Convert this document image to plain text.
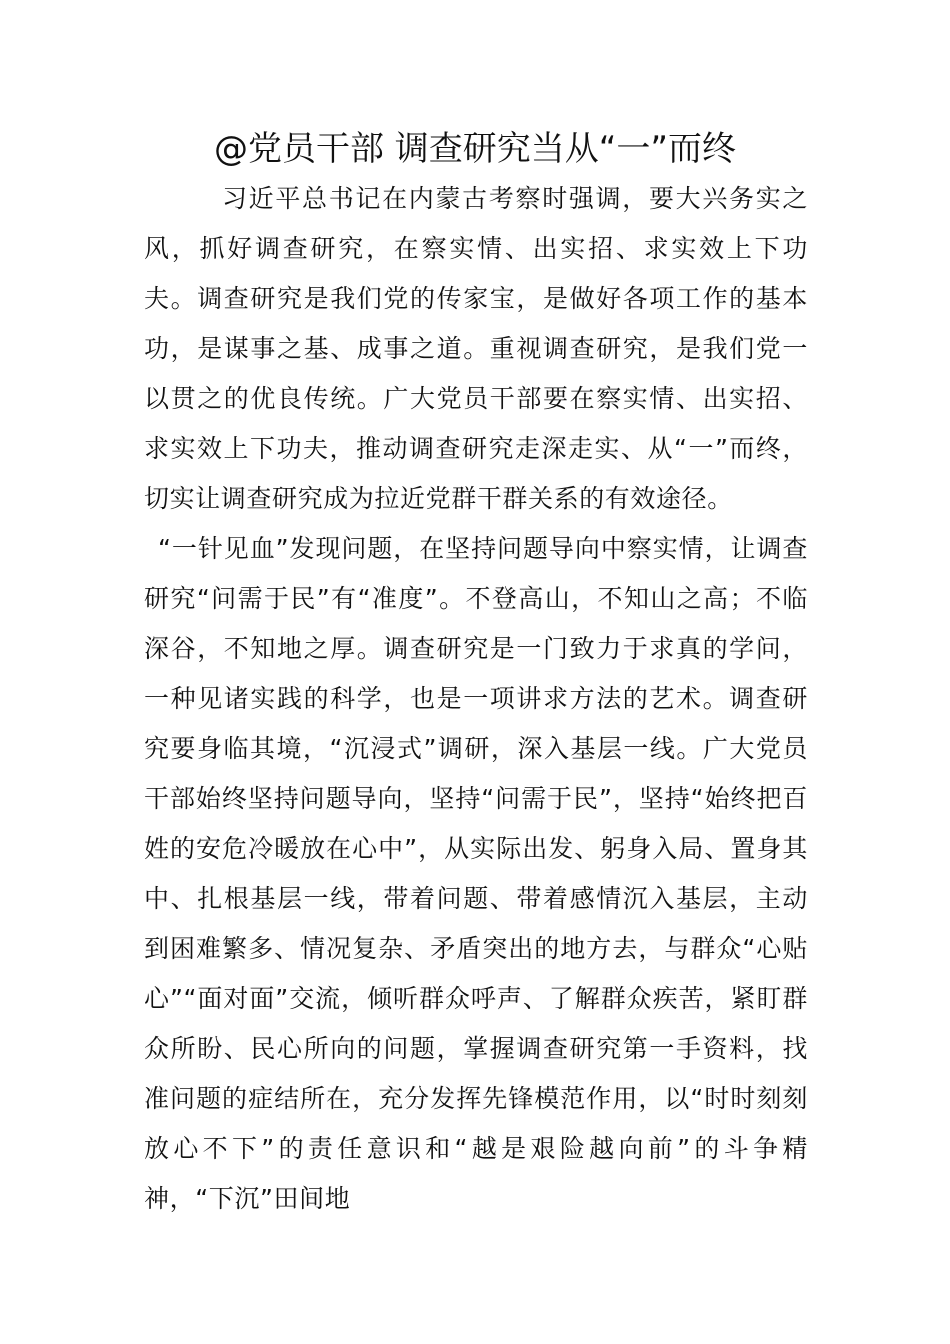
@党员干部 调查研究当从“一”而终

习近平总书记在内蒙古考察时强调，要大兴务实之风，抓好调查研究，在察实情、出实招、求实效上下功夫。调查研究是我们党的传家宝，是做好各项工作的基本功，是谋事之基、成事之道。重视调查研究，是我们党一以贯之的优良传统。广大党员干部要在察实情、出实招、求实效上下功夫，推动调查研究走深走实、从“一”而终，切实让调查研究成为拉近党群干群关系的有效途径。

“一针见血”发现问题，在坚持问题导向中察实情，让调查研究“问需于民”有“准度”。不登高山，不知山之高；不临深谷，不知地之厚。调查研究是一门致力于求真的学问，一种见诸实践的科学，也是一项讲求方法的艺术。调查研究要身临其境，“沉浸式”调研，深入基层一线。广大党员干部始终坚持问题导向，坚持“问需于民”，坚持“始终把百姓的安危冷暖放在心中”，从实际出发、躬身入局、置身其中、扎根基层一线，带着问题、带着感情沉入基层，主动到困难繁多、情况复杂、矛盾突出的地方去，与群众“心贴心”“面对面”交流，倾听群众呼声、了解群众疾苦，紧盯群众所盼、民心所向的问题，掌握调查研究第一手资料，找准问题的症结所在，充分发挥先锋模范作用，以“时时刻刻放心不下”的责任意识和“越是艰险越向前”的斗争精神，“下沉”田间地
